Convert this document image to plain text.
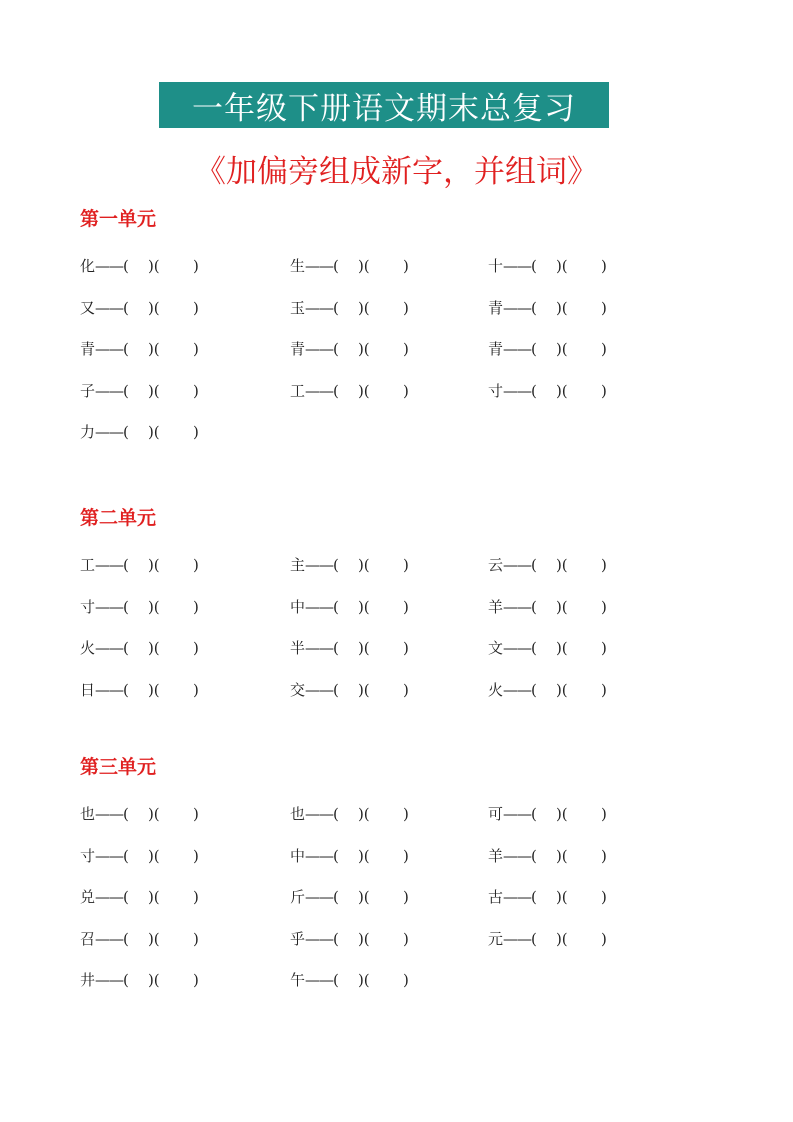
一年级下册语文期末总复习
《加偏旁组成新字，并组词》
第一单元
化——(    )(       )	生——(    )(       )	十——(    )(       )
又——(    )(       )	玉——(    )(       )	青——(    )(       )
青——(    )(       )	青——(    )(       )	青——(    )(       )
子——(    )(       )	工——(    )(       )	寸——(    )(       )
力——(    )(       )
第二单元
工——(    )(       )	主——(    )(       )	云——(    )(       )
寸——(    )(       )	中——(    )(       )	羊——(    )(       )
火——(    )(       )	半——(    )(       )	文——(    )(       )
日——(    )(       )	交——(    )(       )	火——(    )(       )
第三单元
也——(    )(       )	也——(    )(       )	可——(    )(       )
寸——(    )(       )	中——(    )(       )	羊——(    )(       )
兑——(    )(       )	斤——(    )(       )	古——(    )(       )
召——(    )(       )	乎——(    )(       )	元——(    )(       )
井——(    )(       )	午——(    )(       )
